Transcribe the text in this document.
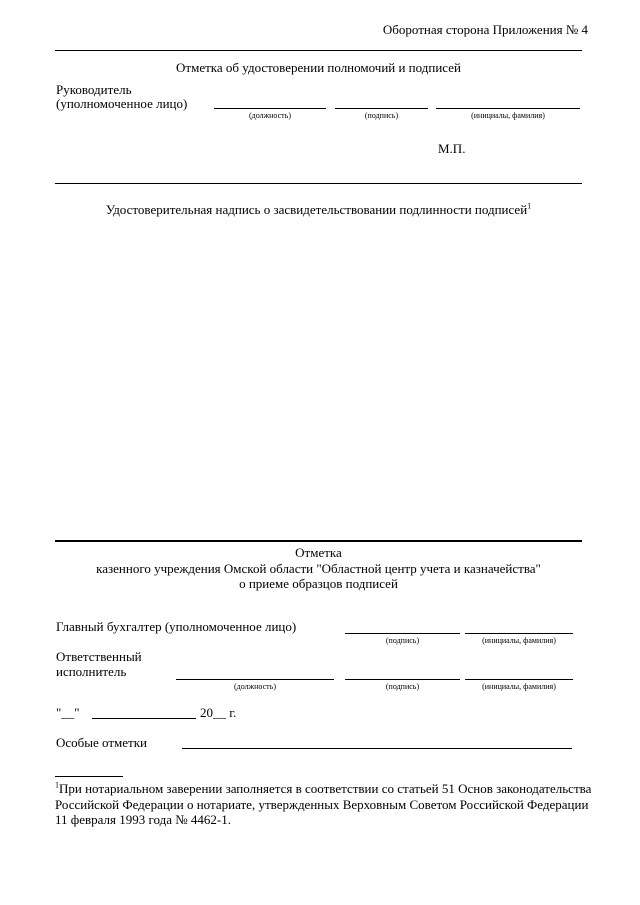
Оборотная сторона Приложения № 4
Отметка об удостоверении полномочий и подписей
Руководитель
(уполномоченное лицо)
(должность)	(подпись)	(инициалы, фамилия)
М.П.
Удостоверительная надпись о засвидетельствовании подлинности подписей$^1$
Отметка
казенного учреждения Омской области "Областной центр учета и казначейства"
о приеме образцов подписей
Главный бухгалтер (уполномоченное лицо)
(подпись)	(инициалы, фамилия)
Ответственный
исполнитель
(должность)	(подпись)	(инициалы, фамилия)
"__"	20__ г.
Особые отметки
$^1$При нотариальном заверении заполняется в соответствии со статьей 51 Основ законодательства
Российской Федерации о нотариате, утвержденных Верховным Советом Российской Федерации
11 февраля 1993 года № 4462-1.
